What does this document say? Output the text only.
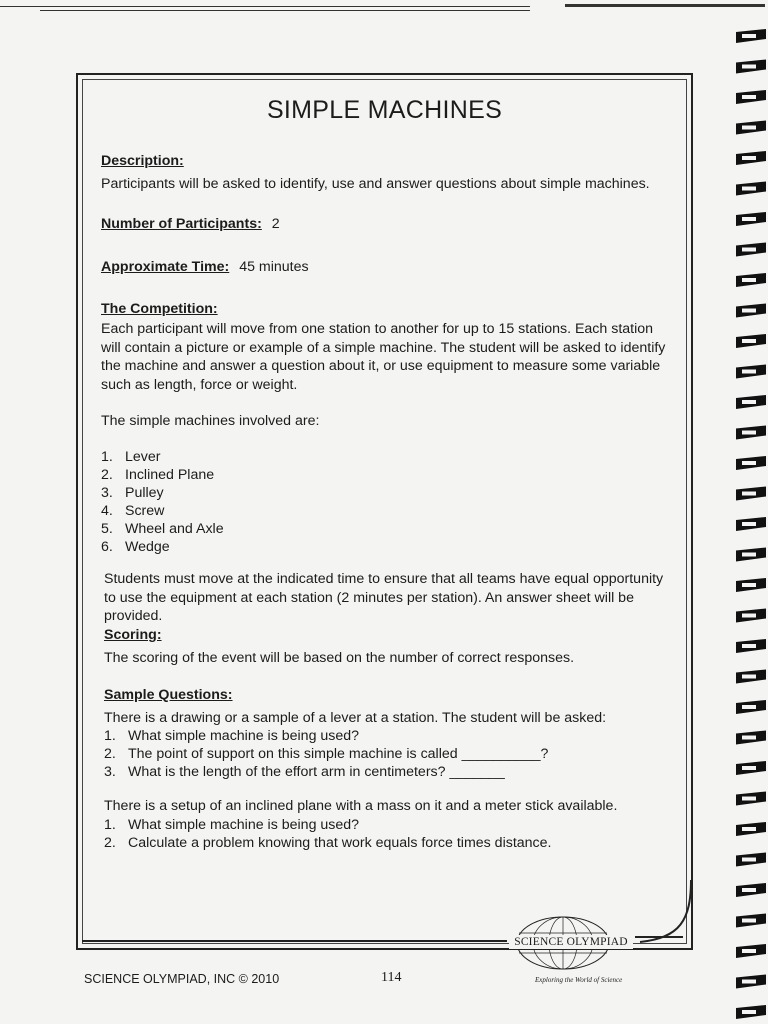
SIMPLE MACHINES
Description:
Participants will be asked to identify, use and answer questions about simple machines.
Number of Participants: 2
Approximate Time: 45 minutes
The Competition:
Each participant will move from one station to another for up to 15 stations. Each station will contain a picture or example of a simple machine. The student will be asked to identify the machine and answer a question about it, or use equipment to measure some variable such as length, force or weight.
The simple machines involved are:
1. Lever
2. Inclined Plane
3. Pulley
4. Screw
5. Wheel and Axle
6. Wedge
Students must move at the indicated time to ensure that all teams have equal opportunity to use the equipment at each station (2 minutes per station). An answer sheet will be provided.
Scoring:
The scoring of the event will be based on the number of correct responses.
Sample Questions:
There is a drawing or a sample of a lever at a station. The student will be asked:
1. What simple machine is being used?
2. The point of support on this simple machine is called __________?
3. What is the length of the effort arm in centimeters? _______
There is a setup of an inclined plane with a mass on it and a meter stick available.
1. What simple machine is being used?
2. Calculate a problem knowing that work equals force times distance.
SCIENCE OLYMPIAD
SCIENCE OLYMPIAD, INC © 2010	114	Exploring the World of Science
